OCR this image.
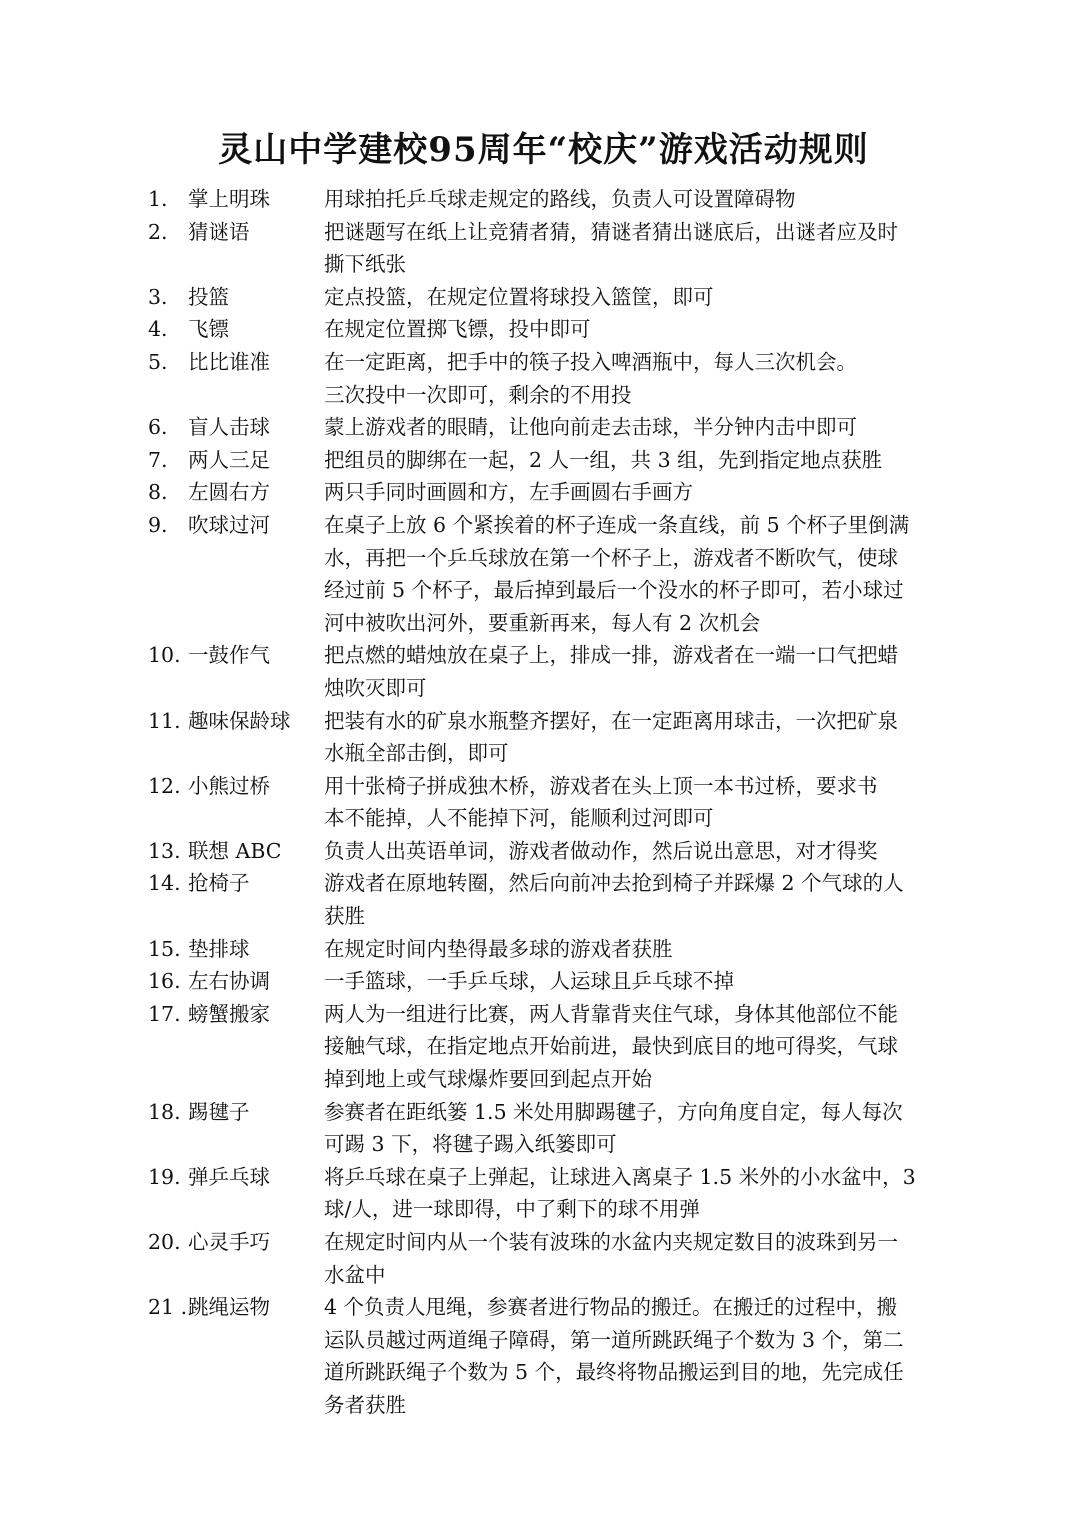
灵山中学建校95周年“校庆”游戏活动规则
1. 掌上明珠	用球拍托乒乓球走规定的路线，负责人可设置障碍物
2. 猜谜语	把谜题写在纸上让竞猜者猜，猜谜者猜出谜底后，出谜者应及时
撕下纸张
3. 投篮	定点投篮，在规定位置将球投入篮筐，即可
4. 飞镖	在规定位置掷飞镖，投中即可
5. 比比谁准	在一定距离，把手中的筷子投入啤酒瓶中，每人三次机会。
三次投中一次即可，剩余的不用投
6. 盲人击球	蒙上游戏者的眼睛，让他向前走去击球，半分钟内击中即可
7. 两人三足	把组员的脚绑在一起，2 人一组，共 3 组，先到指定地点获胜
8. 左圆右方	两只手同时画圆和方，左手画圆右手画方
9. 吹球过河	在桌子上放 6 个紧挨着的杯子连成一条直线，前 5 个杯子里倒满
水，再把一个乒乓球放在第一个杯子上，游戏者不断吹气，使球
经过前 5 个杯子，最后掉到最后一个没水的杯子即可，若小球过
河中被吹出河外，要重新再来，每人有 2 次机会
10. 一鼓作气	把点燃的蜡烛放在桌子上，排成一排，游戏者在一端一口气把蜡
烛吹灭即可
11. 趣味保龄球	把装有水的矿泉水瓶整齐摆好，在一定距离用球击，一次把矿泉
水瓶全部击倒，即可
12. 小熊过桥	用十张椅子拼成独木桥，游戏者在头上顶一本书过桥，要求书
本不能掉，人不能掉下河，能顺利过河即可
13. 联想 ABC	负责人出英语单词，游戏者做动作，然后说出意思，对才得奖
14. 抢椅子	游戏者在原地转圈，然后向前冲去抢到椅子并踩爆 2 个气球的人
获胜
15. 垫排球	在规定时间内垫得最多球的游戏者获胜
16. 左右协调	一手篮球，一手乒乓球，人运球且乒乓球不掉
17. 螃蟹搬家	两人为一组进行比赛，两人背靠背夹住气球，身体其他部位不能
接触气球，在指定地点开始前进，最快到底目的地可得奖，气球
掉到地上或气球爆炸要回到起点开始
18. 踢毽子	参赛者在距纸篓 1.5 米处用脚踢毽子，方向角度自定，每人每次
可踢 3 下，将毽子踢入纸篓即可
19. 弹乒乓球	将乒乓球在桌子上弹起，让球进入离桌子 1.5 米外的小水盆中，3
球/人，进一球即得，中了剩下的球不用弹
20. 心灵手巧	在规定时间内从一个装有波珠的水盆内夹规定数目的波珠到另一
水盆中
21 . 跳绳运物	4 个负责人甩绳，参赛者进行物品的搬迁。在搬迁的过程中，搬
运队员越过两道绳子障碍，第一道所跳跃绳子个数为 3 个，第二
道所跳跃绳子个数为 5 个，最终将物品搬运到目的地，先完成任
务者获胜
